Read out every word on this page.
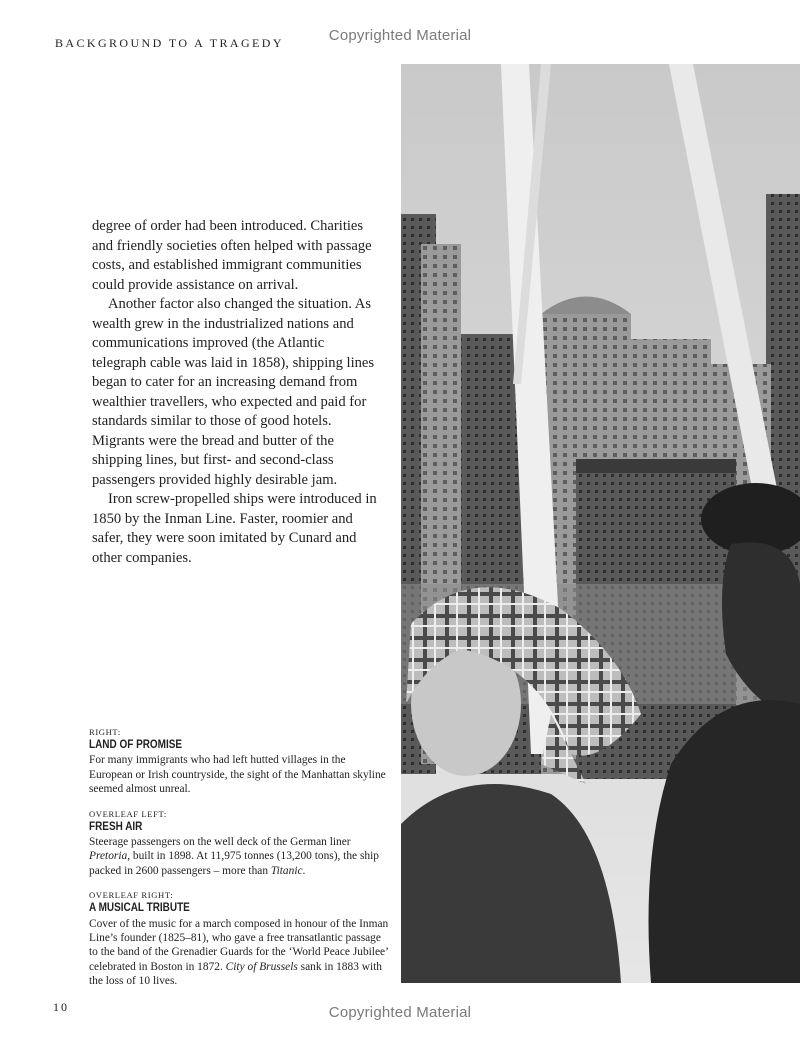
BACKGROUND TO A TRAGEDY	Copyrighted Material

degree of order had been introduced. Charities and friendly societies often helped with passage costs, and established immigrant communities could provide assistance on arrival.

Another factor also changed the situation. As wealth grew in the industrialized nations and communications improved (the Atlantic telegraph cable was laid in 1858), shipping lines began to cater for an increasing demand from wealthier travellers, who expected and paid for standards similar to those of good hotels. Migrants were the bread and butter of the shipping lines, but first- and second-class passengers provided highly desirable jam.

Iron screw-propelled ships were introduced in 1850 by the Inman Line. Faster, roomier and safer, they were soon imitated by Cunard and other companies.

RIGHT:
LAND OF PROMISE
For many immigrants who had left hutted villages in the European or Irish countryside, the sight of the Manhattan skyline seemed almost unreal.
OVERLEAF LEFT:
FRESH AIR
Steerage passengers on the well deck of the German liner Pretoria, built in 1898. At 11,975 tonnes (13,200 tons), the ship packed in 2600 passengers – more than Titanic.
OVERLEAF RIGHT:
A MUSICAL TRIBUTE
Cover of the music for a march composed in honour of the Inman Line’s founder (1825–81), who gave a free transatlantic passage to the band of the Grenadier Guards for the ‘World Peace Jubilee’ celebrated in Boston in 1872. City of Brussels sank in 1883 with the loss of 10 lives.
10	Copyrighted Material
